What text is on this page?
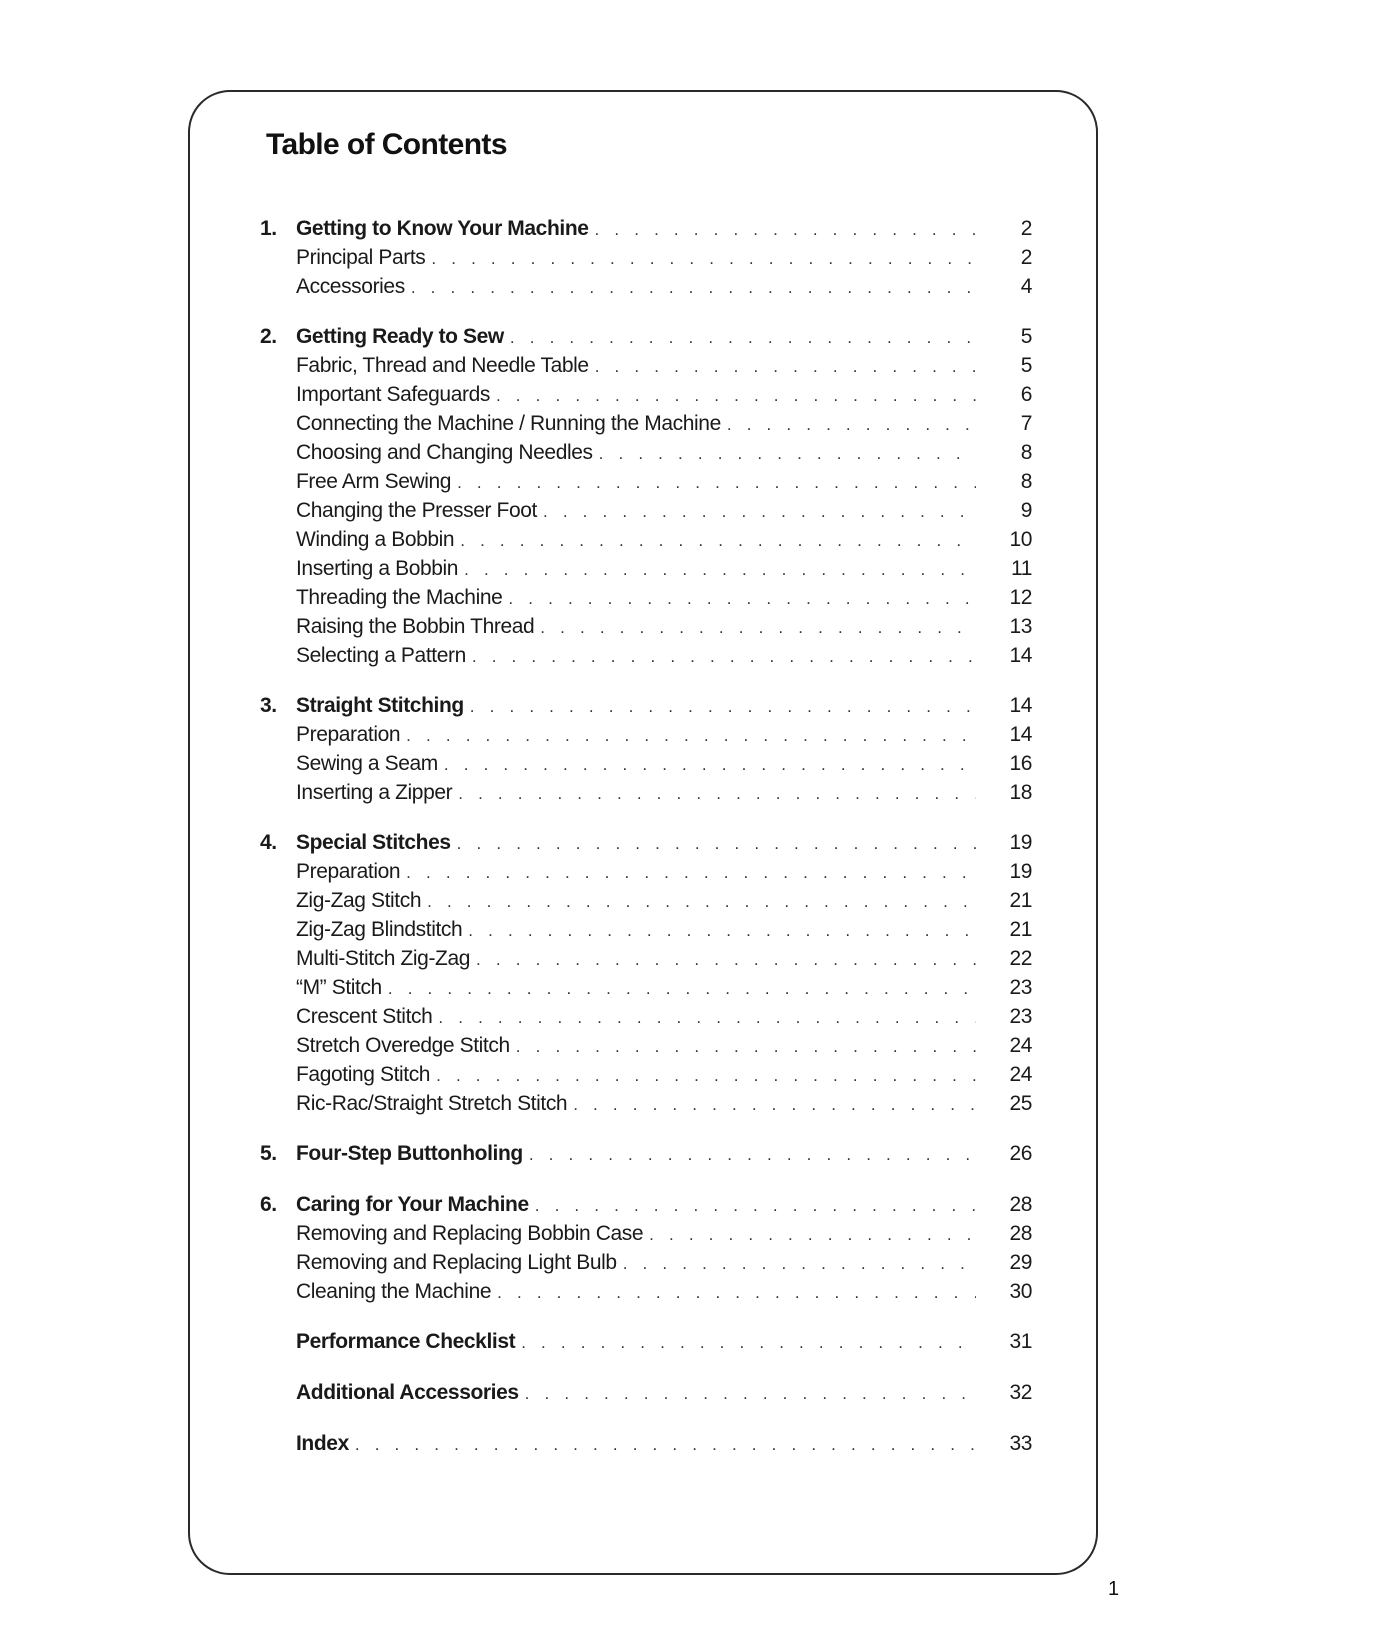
Table of Contents
1. Getting to Know Your Machine . . .	2
Principal Parts . . .	2
Accessories . . .	4
2. Getting Ready to Sew . . .	5
Fabric, Thread and Needle Table . . .	5
Important Safeguards . . .	6
Connecting the Machine / Running the Machine . . .	7
Choosing and Changing Needles . . .	8
Free Arm Sewing . . .	8
Changing the Presser Foot . . .	9
Winding a Bobbin . . .	10
Inserting a Bobbin . . .	11
Threading the Machine . . .	12
Raising the Bobbin Thread . . .	13
Selecting a Pattern . . .	14
3. Straight Stitching . . .	14
Preparation . . .	14
Sewing a Seam . . .	16
Inserting a Zipper . . .	18
4. Special Stitches . . .	19
Preparation . . .	19
Zig-Zag Stitch . . .	21
Zig-Zag Blindstitch . . .	21
Multi-Stitch Zig-Zag . . .	22
“M” Stitch . . .	23
Crescent Stitch . . .	23
Stretch Overedge Stitch . . .	24
Fagoting Stitch . . .	24
Ric-Rac/Straight Stretch Stitch . . .	25
5. Four-Step Buttonholing . . .	26
6. Caring for Your Machine . . .	28
Removing and Replacing Bobbin Case . . .	28
Removing and Replacing Light Bulb . . .	29
Cleaning the Machine . . .	30
Performance Checklist . . .	31
Additional Accessories . . .	32
Index . . .	33
1
